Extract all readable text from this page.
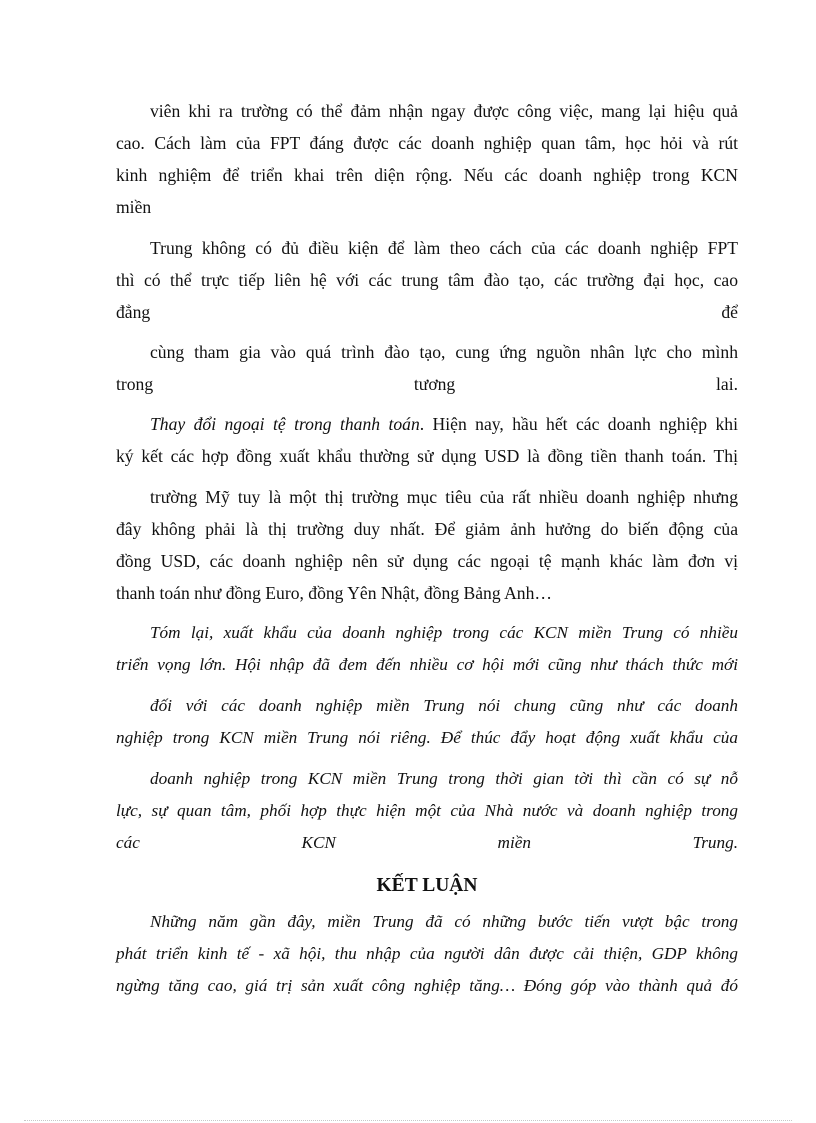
viên khi ra trường có thể đảm nhận ngay được công việc, mang lại hiệu quả
cao. Cách làm của FPT đáng được các doanh nghiệp quan tâm, học hỏi và rút
kinh nghiệm để triển khai trên diện rộng. Nếu các doanh nghiệp trong KCN
miền
Trung không có đủ điều kiện để làm theo cách của các doanh nghiệp FPT
thì có thể trực tiếp liên hệ với các trung tâm đào tạo, các trường đại học, cao
đẳng để
cùng tham gia vào quá trình đào tạo, cung ứng nguồn nhân lực cho mình
trong tương lai.
Thay đổi ngoại tệ trong thanh toán. Hiện nay, hầu hết các doanh nghiệp khi
ký kết các hợp đồng xuất khẩu thường sử dụng USD là đồng tiền thanh toán. Thị
trường Mỹ tuy là một thị trường mục tiêu của rất nhiều doanh nghiệp nhưng
đây không phải là thị trường duy nhất. Để giảm ảnh hưởng do biến động của
đồng USD, các doanh nghiệp nên sử dụng các ngoại tệ mạnh khác làm đơn vị
thanh toán như đồng Euro, đồng Yên Nhật, đồng Bảng Anh…
Tóm lại, xuất khẩu của doanh nghiệp trong các KCN miền Trung có nhiều
triển vọng lớn. Hội nhập đã đem đến nhiều cơ hội mới cũng như thách thức mới
đối với các doanh nghiệp miền Trung nói chung cũng như các doanh
nghiệp trong KCN miền Trung nói riêng. Để thúc đẩy hoạt động xuất khẩu của
doanh nghiệp trong KCN miền Trung trong thời gian tời thì cần có sự nỗ
lực, sự quan tâm, phối hợp thực hiện một của Nhà nước và doanh nghiệp trong
các KCN miền Trung.
KẾT LUẬN
Những năm gần đây, miền Trung đã có những bước tiến vượt bậc trong
phát triển kinh tế - xã hội, thu nhập của người dân được cải thiện, GDP không
ngừng tăng cao, giá trị sản xuất công nghiệp tăng… Đóng góp vào thành quả đó
